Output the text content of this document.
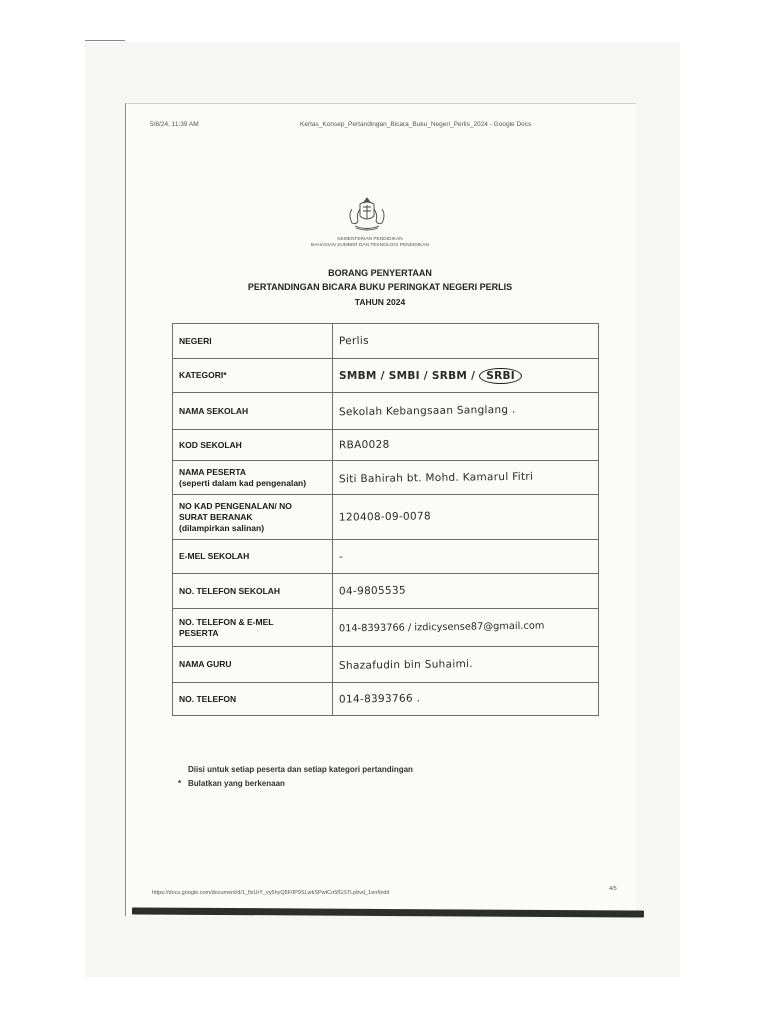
5/8/24, 11:39 AM	Kertas_Konsep_Pertandingan_Bicara_Buku_Negeri_Perlis_2024 - Google Docs
KEMENTERIAN PENDIDIKAN
BAHAGIAN SUMBER DAN TEKNOLOGI PENDIDIKAN
BORANG PENYERTAAN
PERTANDINGAN BICARA BUKU PERINGKAT NEGERI PERLIS
TAHUN 2024
NEGERI	Perlis
KATEGORI*	SMBM / SMBI / SRBM / SRBI
NAMA SEKOLAH	Sekolah Kebangsaan Sanglang .
KOD SEKOLAH	RBA0028

NAMA PESERTA
(seperti dalam kad pengenalan)	Siti Bahirah bt. Mohd. Kamarul Fitri

NO KAD PENGENALAN/ NO
SURAT BERANAK
(dilampirkan salinan)	120408-09-0078
E-MEL SEKOLAH	-
NO. TELEFON SEKOLAH	04-9805535

NO. TELEFON & E-MEL
PESERTA	014-8393766 / izdicysense87@gmail.com
NAMA GURU	Shazafudin bin Suhaimi.
NO. TELEFON	014-8393766 .
Diisi untuk setiap peserta dan setiap kategori pertandingan
* Bulatkan yang berkenaan
https://docs.google.com/document/d/1_flzUrY_vy5hyQ5F0P9SLwkSPwtCo5fGSTLpbvd_1enf/edit
4/5
